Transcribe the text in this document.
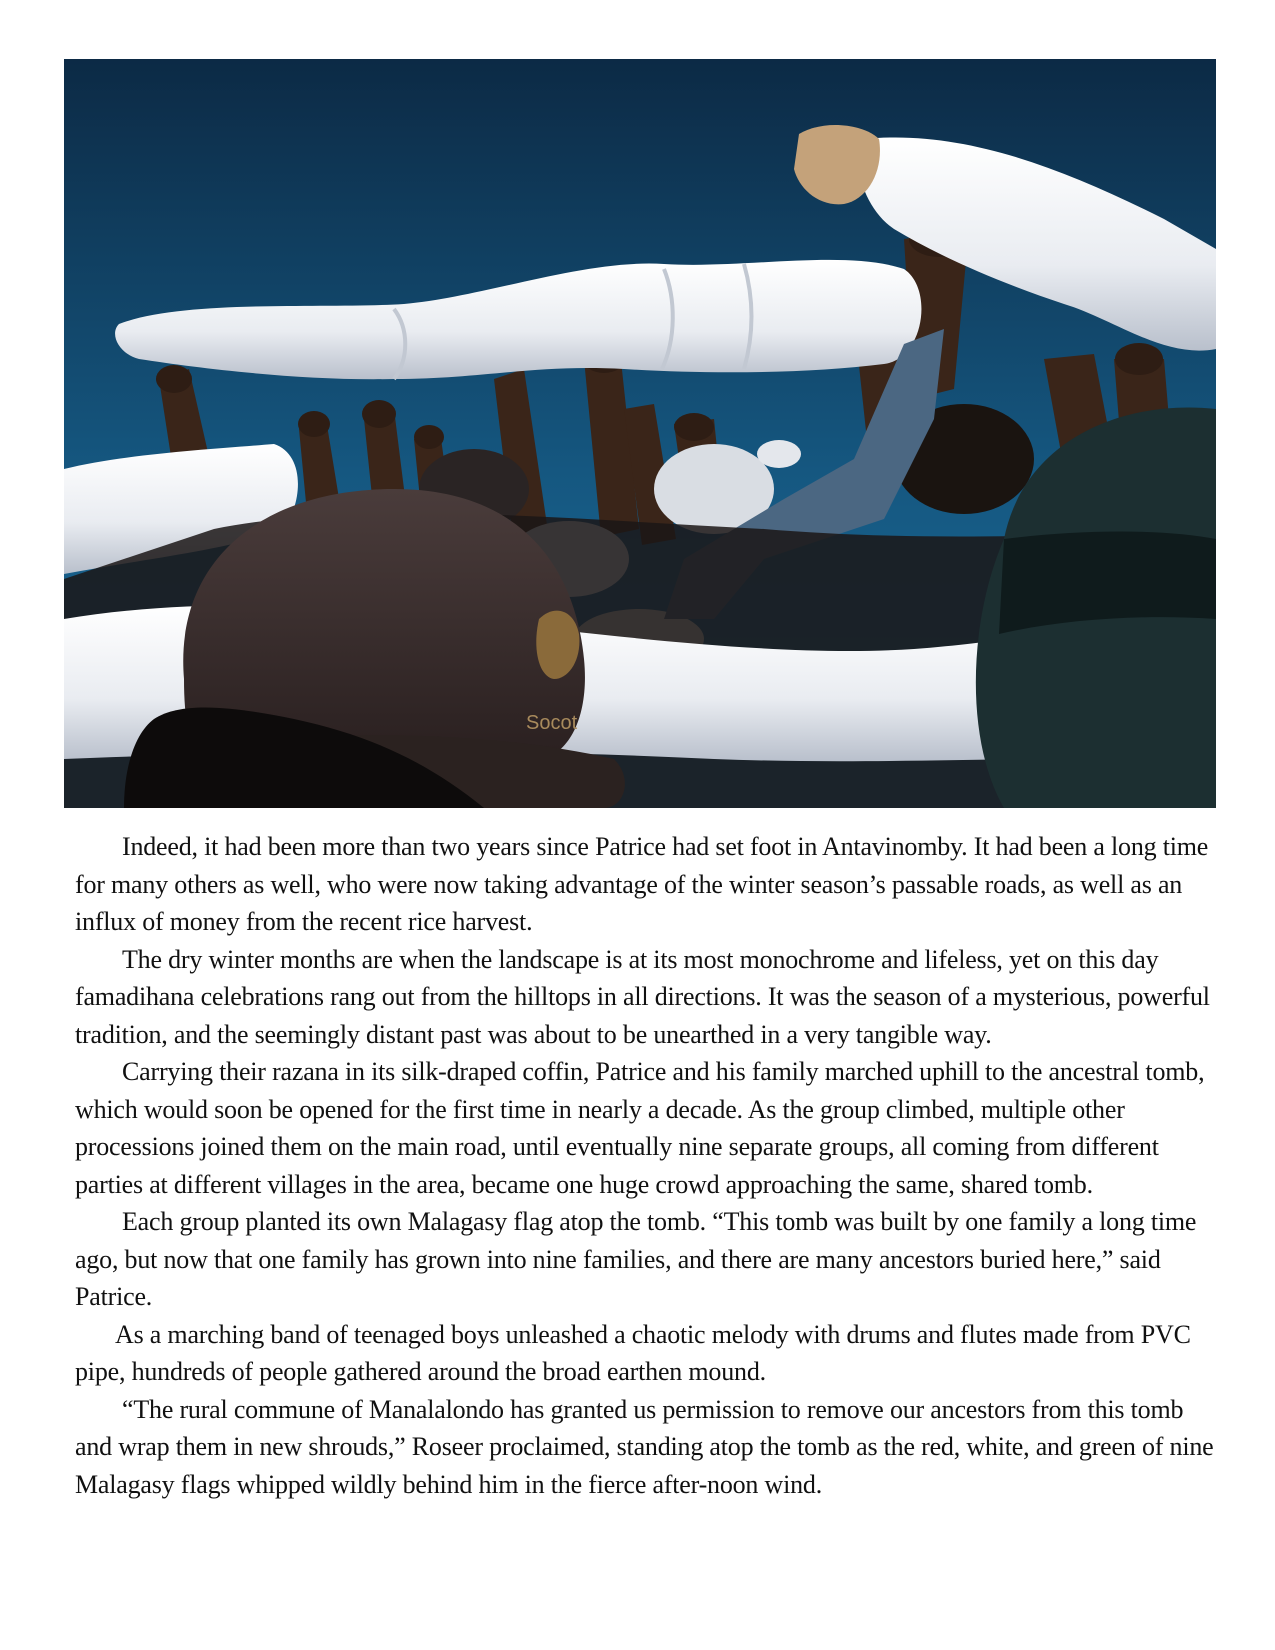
Socot

Indeed, it had been more than two years since Patrice had set foot in Antavinomby. It had been a long time for many others as well, who were now taking advantage of the winter season’s passable roads, as well as an influx of money from the recent rice harvest.

The dry winter months are when the landscape is at its most monochrome and lifeless, yet on this day famadihana celebrations rang out from the hilltops in all directions. It was the season of a mysterious, powerful tradition, and the seemingly distant past was about to be unearthed in a very tangible way.

Carrying their razana in its silk-draped coffin, Patrice and his family marched uphill to the ancestral tomb, which would soon be opened for the first time in nearly a decade. As the group climbed, multiple other processions joined them on the main road, until eventually nine separate groups, all coming from different parties at different villages in the area, became one huge crowd approaching the same, shared tomb.

Each group planted its own Malagasy flag atop the tomb. “This tomb was built by one family a long time ago, but now that one family has grown into nine families, and there are many ancestors buried here,” said Patrice.

As a marching band of teenaged boys unleashed a chaotic melody with drums and flutes made from PVC pipe, hundreds of people gathered around the broad earthen mound.

“The rural commune of Manalalondo has granted us permission to remove our ancestors from this tomb and wrap them in new shrouds,” Roseer proclaimed, standing atop the tomb as the red, white, and green of nine Malagasy flags whipped wildly behind him in the fierce after-noon wind.
